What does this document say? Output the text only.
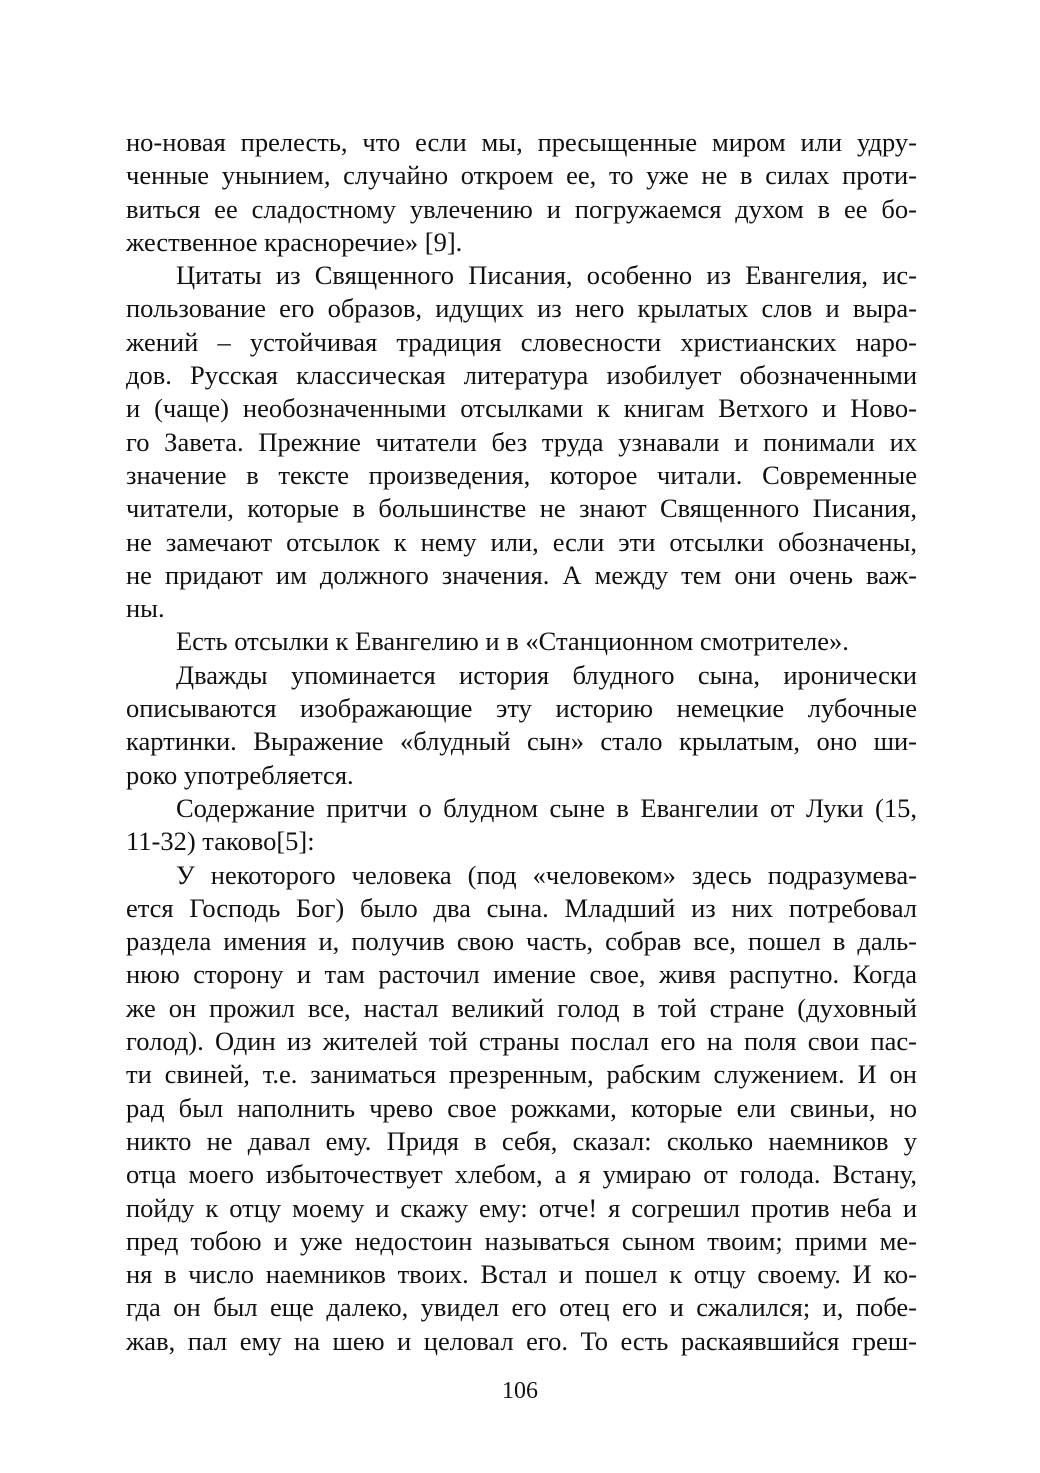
но-новая прелесть, что если мы, пресыщенные миром или удру-
ченные унынием, случайно откроем ее, то уже не в силах проти-
виться ее сладостному увлечению и погружаемся духом в ее бо-
жественное красноречие» [9].
Цитаты из Священного Писания, особенно из Евангелия, ис-
пользование его образов, идущих из него крылатых слов и выра-
жений – устойчивая традиция словесности христианских наро-
дов. Русская классическая литература изобилует обозначенными
и (чаще) необозначенными отсылками к книгам Ветхого и Ново-
го Завета. Прежние читатели без труда узнавали и понимали их
значение в тексте произведения, которое читали. Современные
читатели, которые в большинстве не знают Священного Писания,
не замечают отсылок к нему или, если эти отсылки обозначены,
не придают им должного значения. А между тем они очень важ-
ны.
Есть отсылки к Евангелию и в «Станционном смотрителе».
Дважды упоминается история блудного сына, иронически
описываются изображающие эту историю немецкие лубочные
картинки. Выражение «блудный сын» стало крылатым, оно ши-
роко употребляется.
Содержание притчи о блудном сыне в Евангелии от Луки (15,
11-32) таково[5]:
У некоторого человека (под «человеком» здесь подразумева-
ется Господь Бог) было два сына. Младший из них потребовал
раздела имения и, получив свою часть, собрав все, пошел в даль-
нюю сторону и там расточил имение свое, живя распутно. Когда
же он прожил все, настал великий голод в той стране (духовный
голод). Один из жителей той страны послал его на поля свои пас-
ти свиней, т.е. заниматься презренным, рабским служением. И он
рад был наполнить чрево свое рожками, которые ели свиньи, но
никто не давал ему. Придя в себя, сказал: сколько наемников у
отца моего избыточествует хлебом, а я умираю от голода. Встану,
пойду к отцу моему и скажу ему: отче! я согрешил против неба и
пред тобою и уже недостоин называться сыном твоим; прими ме-
ня в число наемников твоих. Встал и пошел к отцу своему. И ко-
гда он был еще далеко, увидел его отец его и сжалился; и, побе-
жав, пал ему на шею и целовал его. То есть раскаявшийся греш-
106
